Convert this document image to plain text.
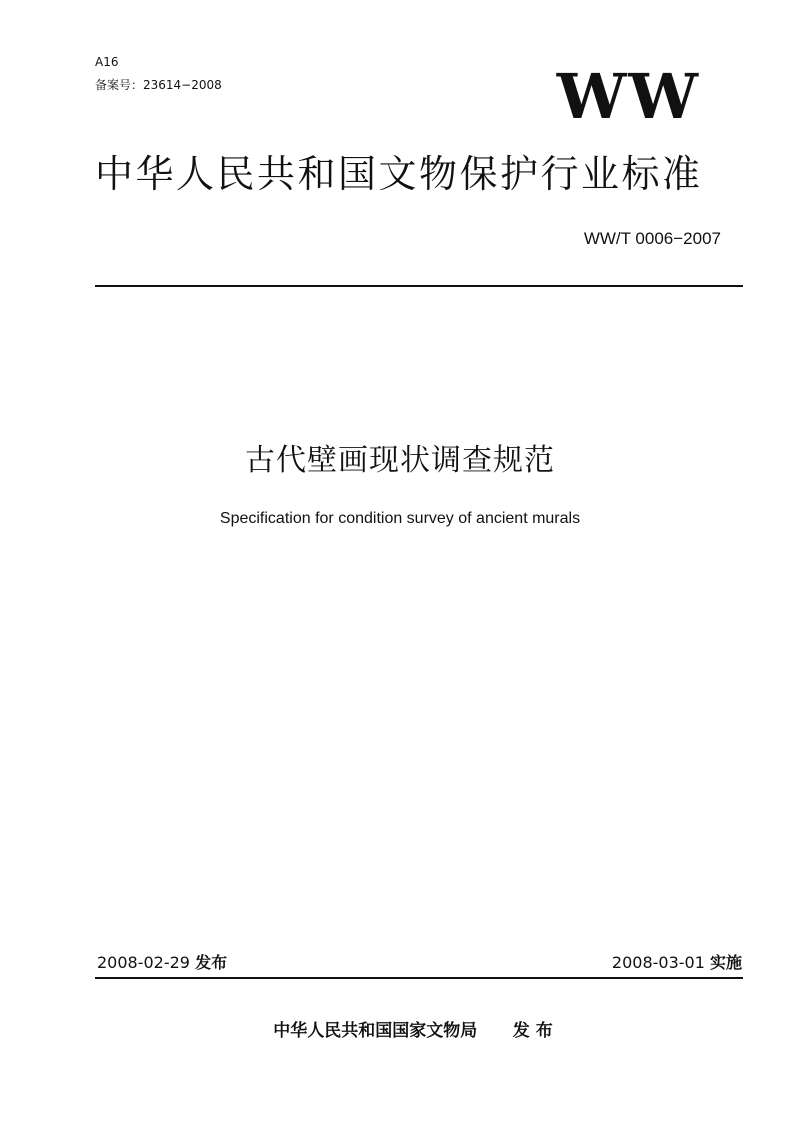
A16
备案号：23614−2008	WW
中华人民共和国文物保护行业标准
WW/T 0006−2007
古代壁画现状调查规范
Specification for condition survey of ancient murals
2008-02-29 发布	2008-03-01 实施
中华人民共和国国家文物局 发 布
